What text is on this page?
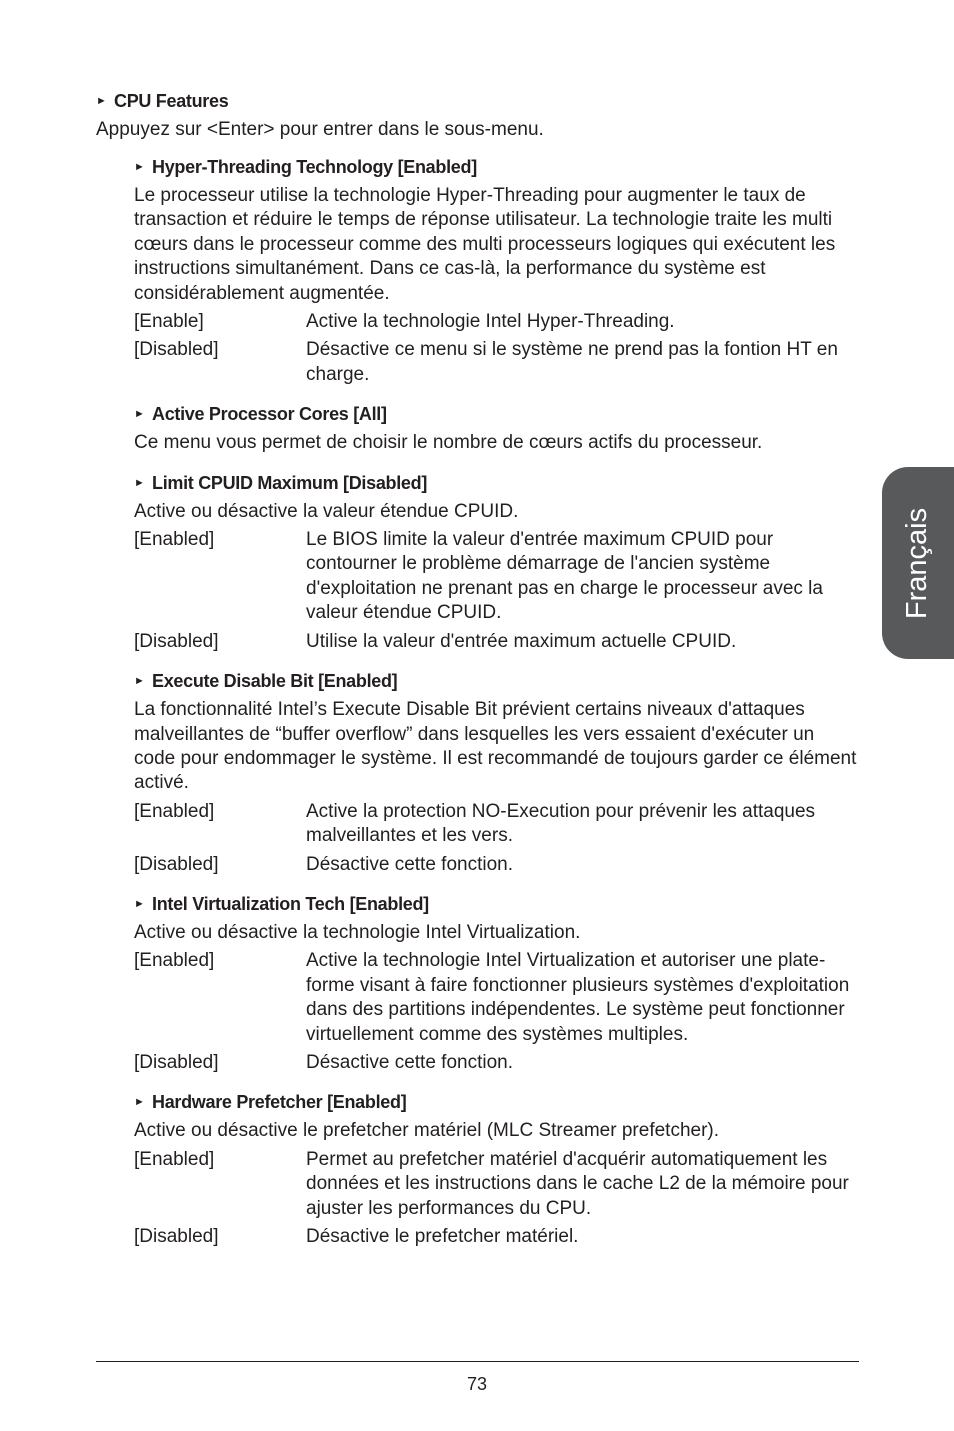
► CPU Features
Appuyez sur <Enter> pour entrer dans le sous-menu.
► Hyper-Threading Technology [Enabled]
Le processeur utilise la technologie Hyper-Threading pour augmenter le taux de transaction et réduire le temps de réponse utilisateur. La technologie traite les multi cœurs dans le processeur comme des multi processeurs logiques qui exécutent les instructions simultanément. Dans ce cas-là, la performance du système est considérablement augmentée.
[Enable]	Active la technologie Intel Hyper-Threading.
[Disabled]	Désactive ce menu si le système ne prend pas la fontion HT en charge.
► Active Processor Cores [All]
Ce menu vous permet de choisir le nombre de cœurs actifs du processeur.
► Limit CPUID Maximum [Disabled]
Active ou désactive la valeur étendue CPUID.
[Enabled]	Le BIOS limite la valeur d'entrée maximum CPUID pour contourner le problème démarrage de l'ancien système d'exploitation ne prenant pas en charge le processeur avec la valeur étendue CPUID.
[Disabled]	Utilise la valeur d'entrée maximum actuelle CPUID.
► Execute Disable Bit [Enabled]
La fonctionnalité Intel’s Execute Disable Bit prévient certains niveaux d'attaques malveillantes de “buffer overflow” dans lesquelles les vers essaient d'exécuter un code pour endommager le système. Il est recommandé de toujours garder ce élément activé.
[Enabled]	Active la protection NO-Execution pour prévenir les attaques malveillantes et les vers.
[Disabled]	Désactive cette fonction.
► Intel Virtualization Tech [Enabled]
Active ou désactive la technologie Intel Virtualization.
[Enabled]	Active la technologie Intel Virtualization et autoriser une plate-forme visant à faire fonctionner plusieurs systèmes d'exploitation dans des partitions indépendentes. Le système peut fonctionner virtuellement comme des systèmes multiples.
[Disabled]	Désactive cette fonction.
► Hardware Prefetcher [Enabled]
Active ou désactive le prefetcher matériel (MLC Streamer prefetcher).
[Enabled]	Permet au prefetcher matériel d'acquérir automatiquement les données et les instructions dans le cache L2 de la mémoire pour ajuster les performances du CPU.
[Disabled]	Désactive le prefetcher matériel.
Français
73
